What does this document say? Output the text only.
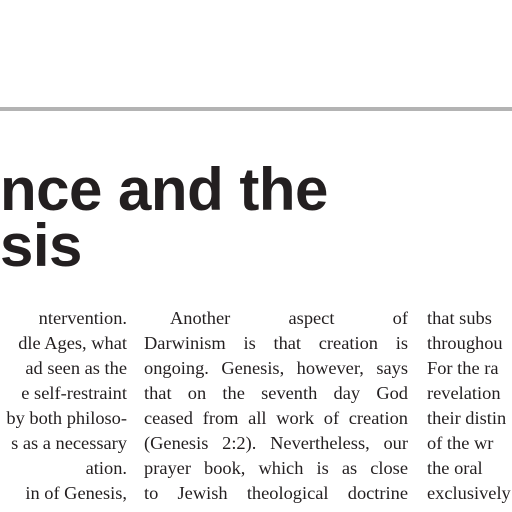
nce and the
sis
ntervention.
dle Ages, what
ad seen as the
e self-restraint
by both philoso-
s as a necessary
ation.
in of Genesis,
Another aspect of
Darwinism is that creation is
ongoing. Genesis, however, says
that on the seventh day God
ceased from all work of creation
(Genesis 2:2). Nevertheless, our
prayer book, which is as close
to Jewish theological doctrine
that subs
throughou
For the ra
revelation
their distin
of the wr
the oral
exclusively
